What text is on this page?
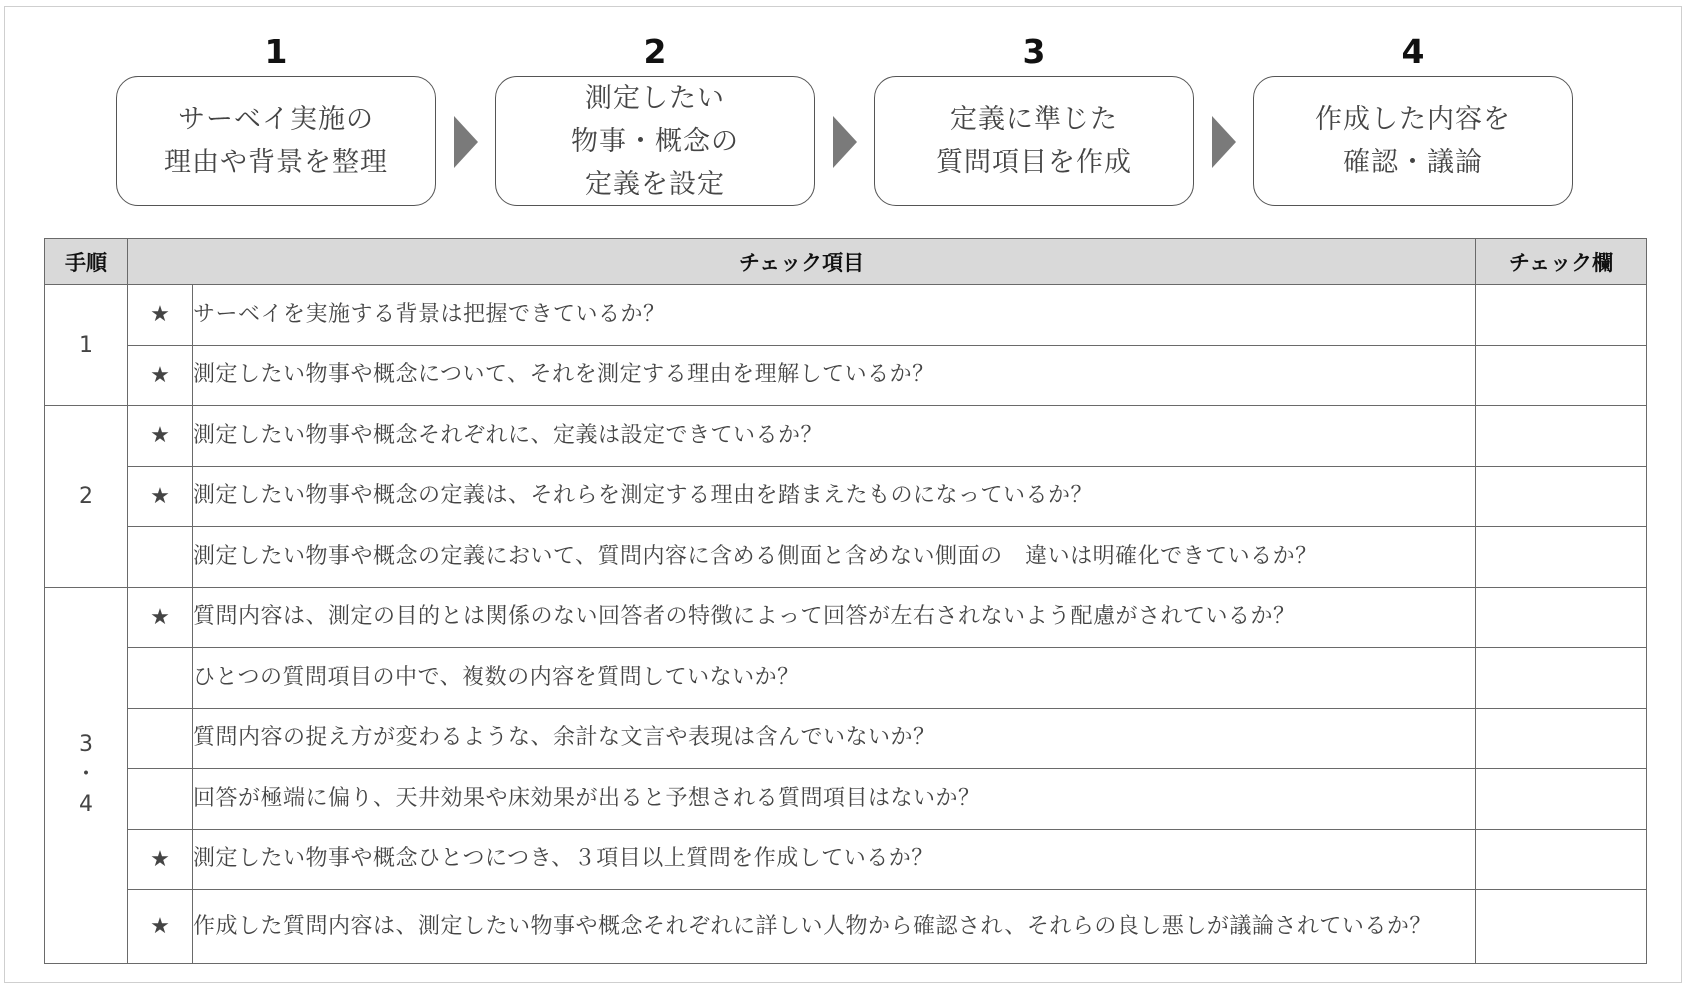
1
サーベイ実施の
理由や背景を整理
2
測定したい
物事・概念の
定義を設定
3
定義に準じた
質問項目を作成
4
作成した内容を
確認・議論
手順	チェック項目		チェック欄
1	★	サーベイを実施する背景は把握できているか？	
	★	測定したい物事や概念について、それを測定する理由を理解しているか？	
2	★	測定したい物事や概念それぞれに、定義は設定できているか？	
	★	測定したい物事や概念の定義は、それらを測定する理由を踏まえたものになっているか？	
		測定したい物事や概念の定義において、質問内容に含める側面と含めない側面の　違いは明確化できているか？	
3
・
4	★	質問内容は、測定の目的とは関係のない回答者の特徴によって回答が左右されないよう配慮がされているか？	
		ひとつの質問項目の中で、複数の内容を質問していないか？	
		質問内容の捉え方が変わるような、余計な文言や表現は含んでいないか？	
		回答が極端に偏り、天井効果や床効果が出ると予想される質問項目はないか？	
	★	測定したい物事や概念ひとつにつき、３項目以上質問を作成しているか？	
	★	作成した質問内容は、測定したい物事や概念それぞれに詳しい人物から確認され、それらの良し悪しが議論されているか？	
